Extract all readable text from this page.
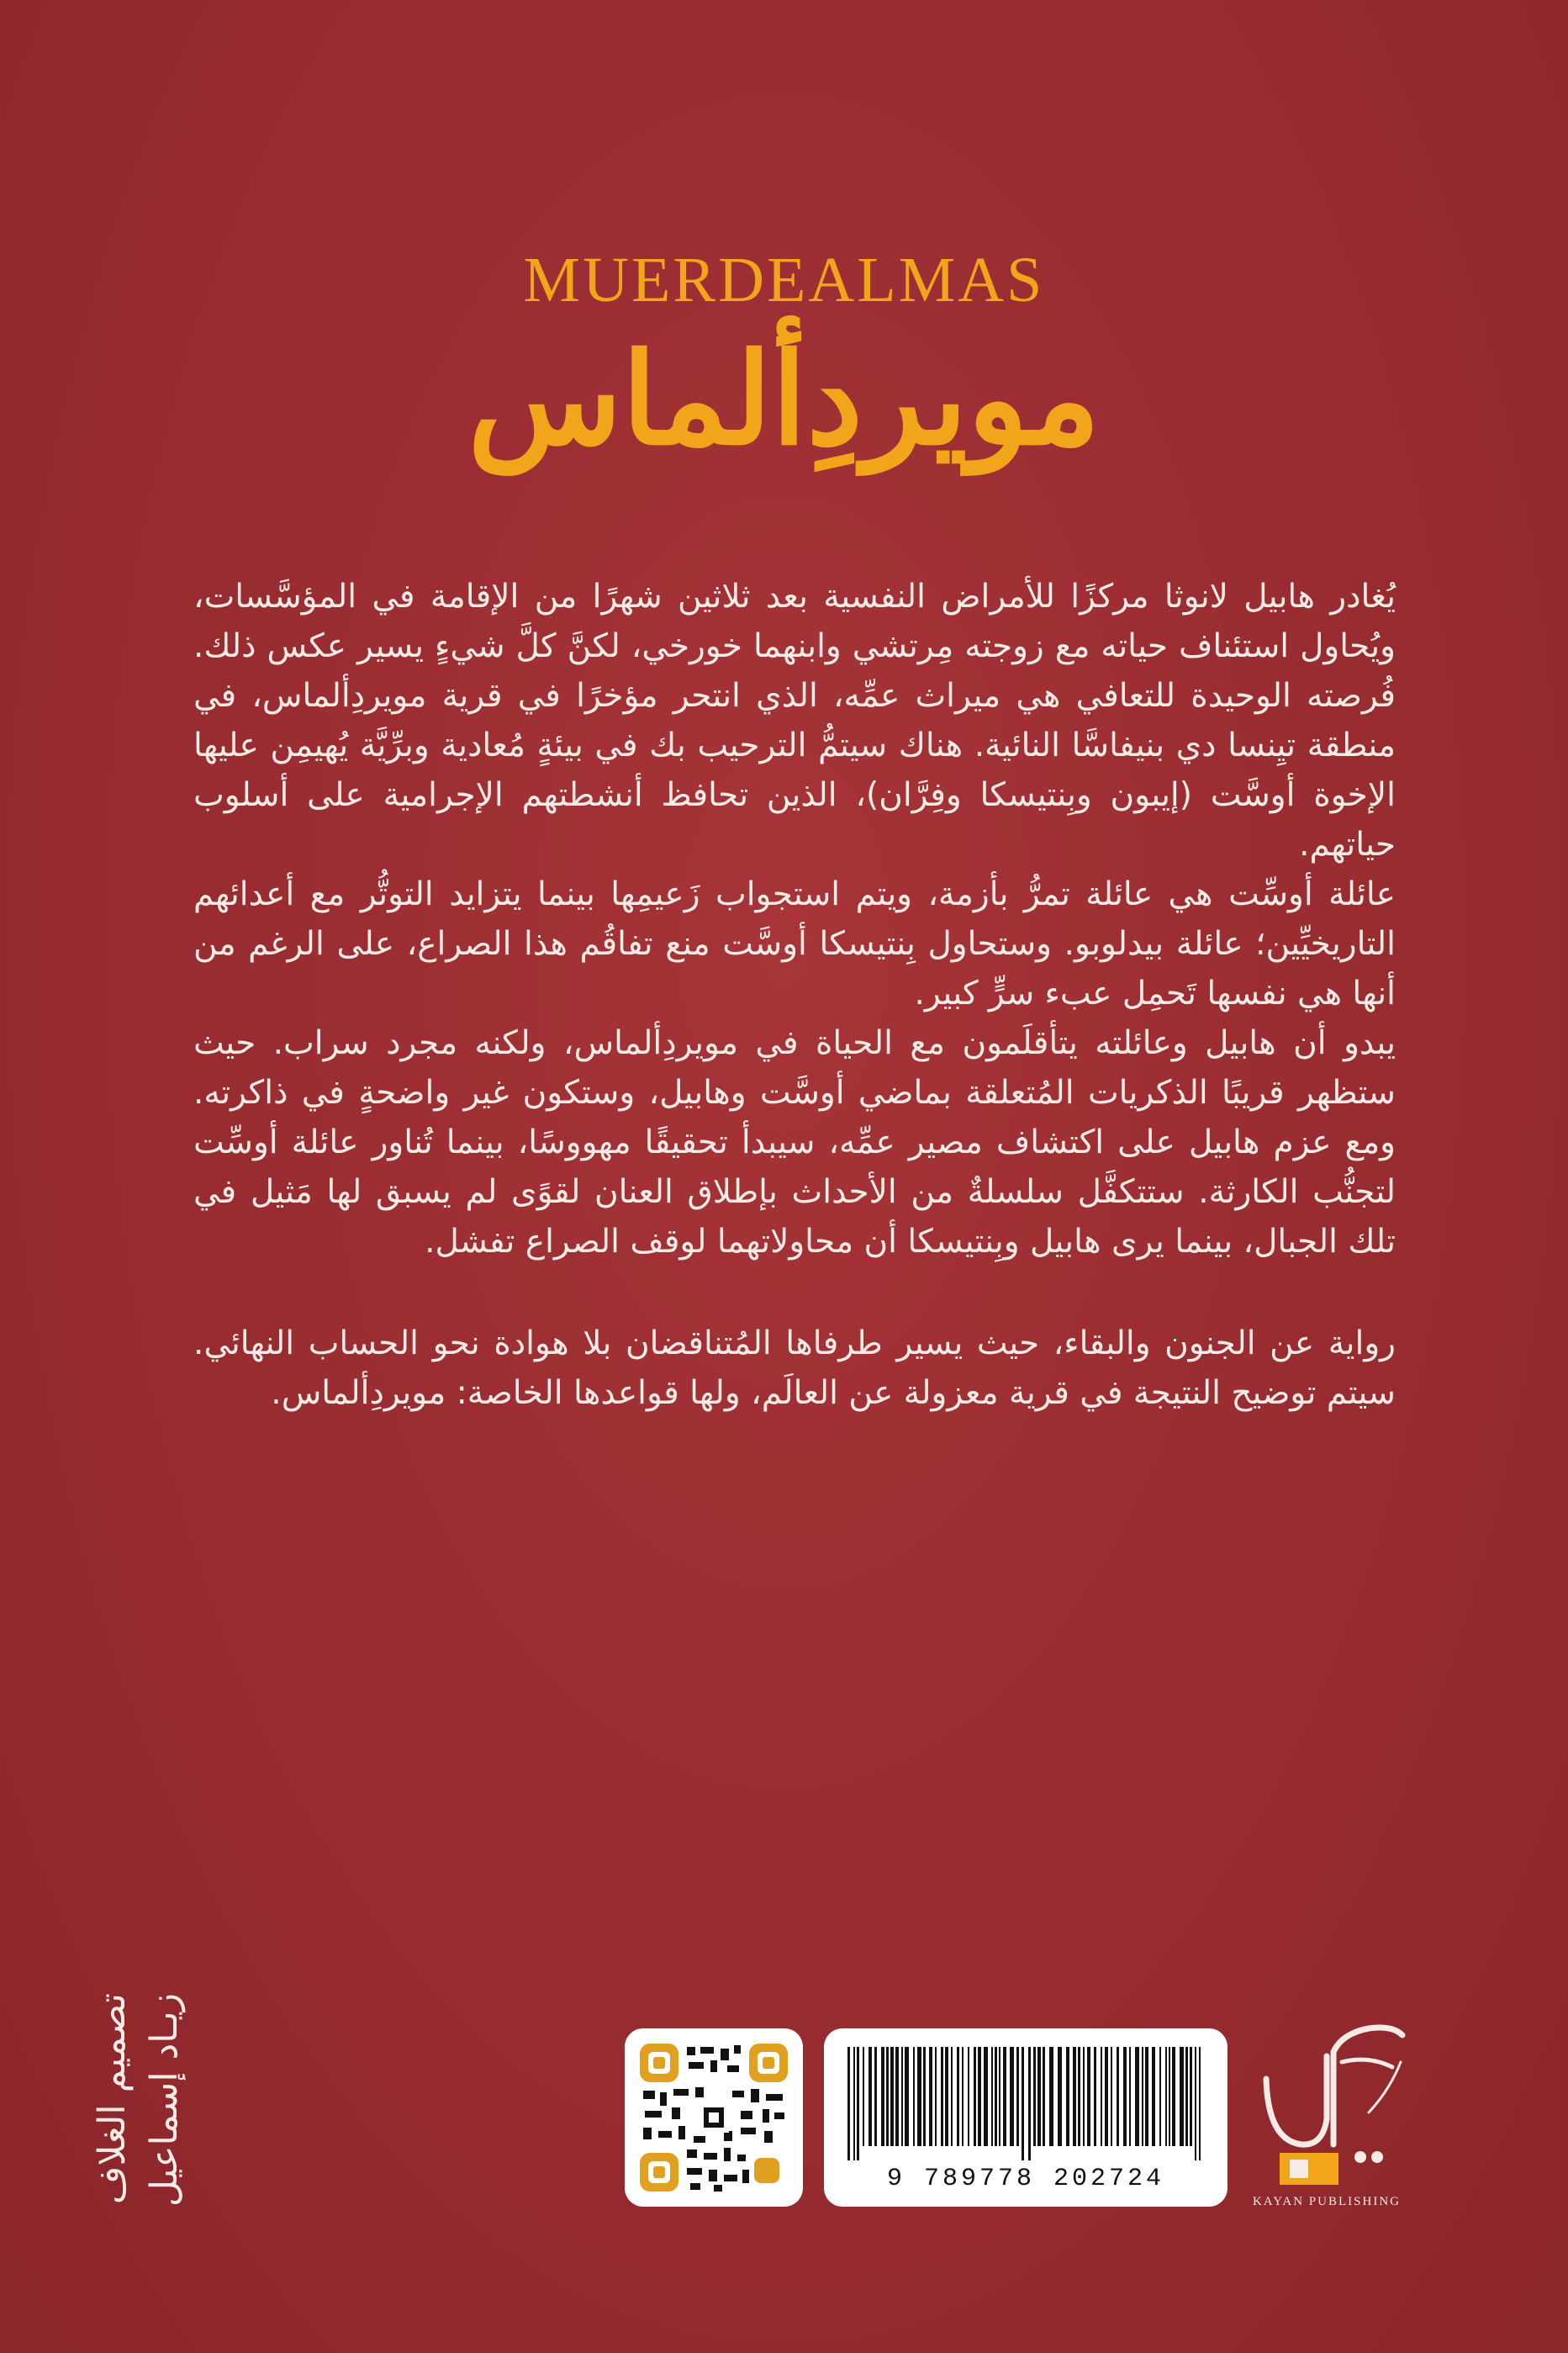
MUERDEALMAS
مويردِألماس

يُغادر هابيل لانوثا مركزًا للأمراض النفسية بعد ثلاثين شهرًا من الإقامة في المؤسَّسات، ويُحاول استئناف حياته مع زوجته مِرتشي وابنهما خورخي، لكنَّ كلَّ شيءٍ يسير عكس ذلك. فُرصته الوحيدة للتعافي هي ميراث عمِّه، الذي انتحر مؤخرًا في قرية مويردِألماس، في منطقة تيِنسا دي بنيفاسَّا النائية. هناك سيتمُّ الترحيب بك في بيئةٍ مُعادية وبرِّيَّة يُهيمِن عليها الإخوة أوسَّت (إيبون وبِنتيسكا وفِرَّان)، الذين تحافظ أنشطتهم الإجرامية على أسلوب حياتهم.

عائلة أوسِّت هي عائلة تمرُّ بأزمة، ويتم استجواب زَعيمِها بينما يتزايد التوتُّر مع أعدائهم التاريخيِّين؛ عائلة بيدلوبو. وستحاول بِنتيسكا أوسَّت منع تفاقُم هذا الصراع، على الرغم من أنها هي نفسها تَحمِل عبء سرٍّ كبير.

يبدو أن هابيل وعائلته يتأقلَمون مع الحياة في مويردِألماس، ولكنه مجرد سراب. حيث ستظهر قريبًا الذكريات المُتعلقة بماضي أوسَّت وهابيل، وستكون غير واضحةٍ في ذاكرته. ومع عزم هابيل على اكتشاف مصير عمِّه، سيبدأ تحقيقًا مهووسًا، بينما تُناور عائلة أوسِّت لتجنُّب الكارثة. ستتكفَّل سلسلةٌ من الأحداث بإطلاق العنان لقوًى لم يسبق لها مَثيل في تلك الجبال، بينما يرى هابيل وبِنتيسكا أن محاولاتهما لوقف الصراع تفشل.

رواية عن الجنون والبقاء، حيث يسير طرفاها المُتناقضان بلا هوادة نحو الحساب النهائي. سيتم توضيح النتيجة في قرية معزولة عن العالَم، ولها قواعدها الخاصة: مويردِألماس.

تصميم الغلاف زيـاد إسماعيل	9 789778 202724
KAYAN PUBLISHING
